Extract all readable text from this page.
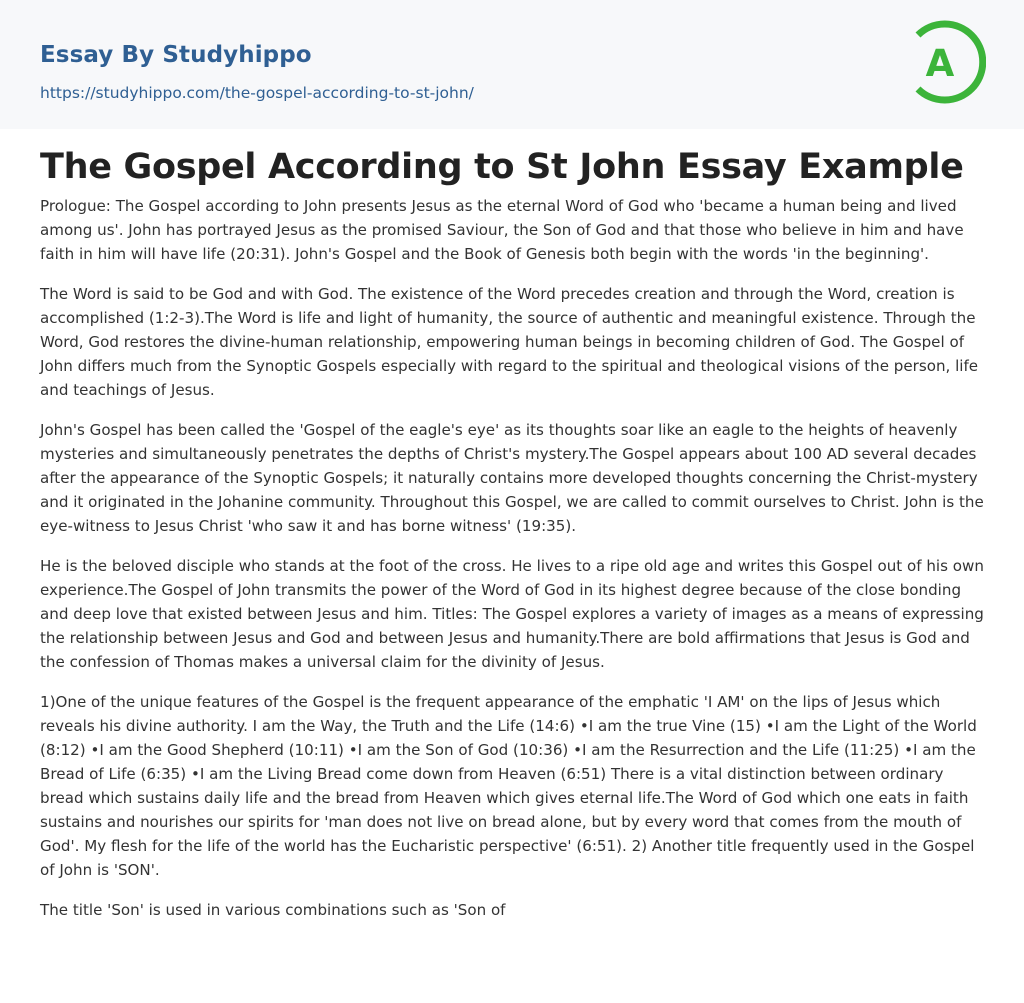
Essay By Studyhippo
https://studyhippo.com/the-gospel-according-to-st-john/
A
The Gospel According to St John Essay Example

Prologue: The Gospel according to John presents Jesus as the eternal Word of God who 'became a human being and lived among us'. John has portrayed Jesus as the promised Saviour, the Son of God and that those who believe in him and have faith in him will have life (20:31). John's Gospel and the Book of Genesis both begin with the words 'in the beginning'.

The Word is said to be God and with God. The existence of the Word precedes creation and through the Word, creation is accomplished (1:2-3).The Word is life and light of humanity, the source of authentic and meaningful existence. Through the Word, God restores the divine-human relationship, empowering human beings in becoming children of God. The Gospel of John differs much from the Synoptic Gospels especially with regard to the spiritual and theological visions of the person, life and teachings of Jesus.

John's Gospel has been called the 'Gospel of the eagle's eye' as its thoughts soar like an eagle to the heights of heavenly mysteries and simultaneously penetrates the depths of Christ's mystery.The Gospel appears about 100 AD several decades after the appearance of the Synoptic Gospels; it naturally contains more developed thoughts concerning the Christ-mystery and it originated in the Johanine community. Throughout this Gospel, we are called to commit ourselves to Christ. John is the eye-witness to Jesus Christ 'who saw it and has borne witness' (19:35).

He is the beloved disciple who stands at the foot of the cross. He lives to a ripe old age and writes this Gospel out of his own experience.The Gospel of John transmits the power of the Word of God in its highest degree because of the close bonding and deep love that existed between Jesus and him. Titles: The Gospel explores a variety of images as a means of expressing the relationship between Jesus and God and between Jesus and humanity.There are bold affirmations that Jesus is God and the confession of Thomas makes a universal claim for the divinity of Jesus.

1)One of the unique features of the Gospel is the frequent appearance of the emphatic 'I AM' on the lips of Jesus which reveals his divine authority. I am the Way, the Truth and the Life (14:6) •I am the true Vine (15) •I am the Light of the World (8:12) •I am the Good Shepherd (10:11) •I am the Son of God (10:36) •I am the Resurrection and the Life (11:25) •I am the Bread of Life (6:35) •I am the Living Bread come down from Heaven (6:51) There is a vital distinction between ordinary bread which sustains daily life and the bread from Heaven which gives eternal life.The Word of God which one eats in faith sustains and nourishes our spirits for 'man does not live on bread alone, but by every word that comes from the mouth of God'. My flesh for the life of the world has the Eucharistic perspective' (6:51). 2) Another title frequently used in the Gospel of John is 'SON'.

The title 'Son' is used in various combinations such as 'Son of
